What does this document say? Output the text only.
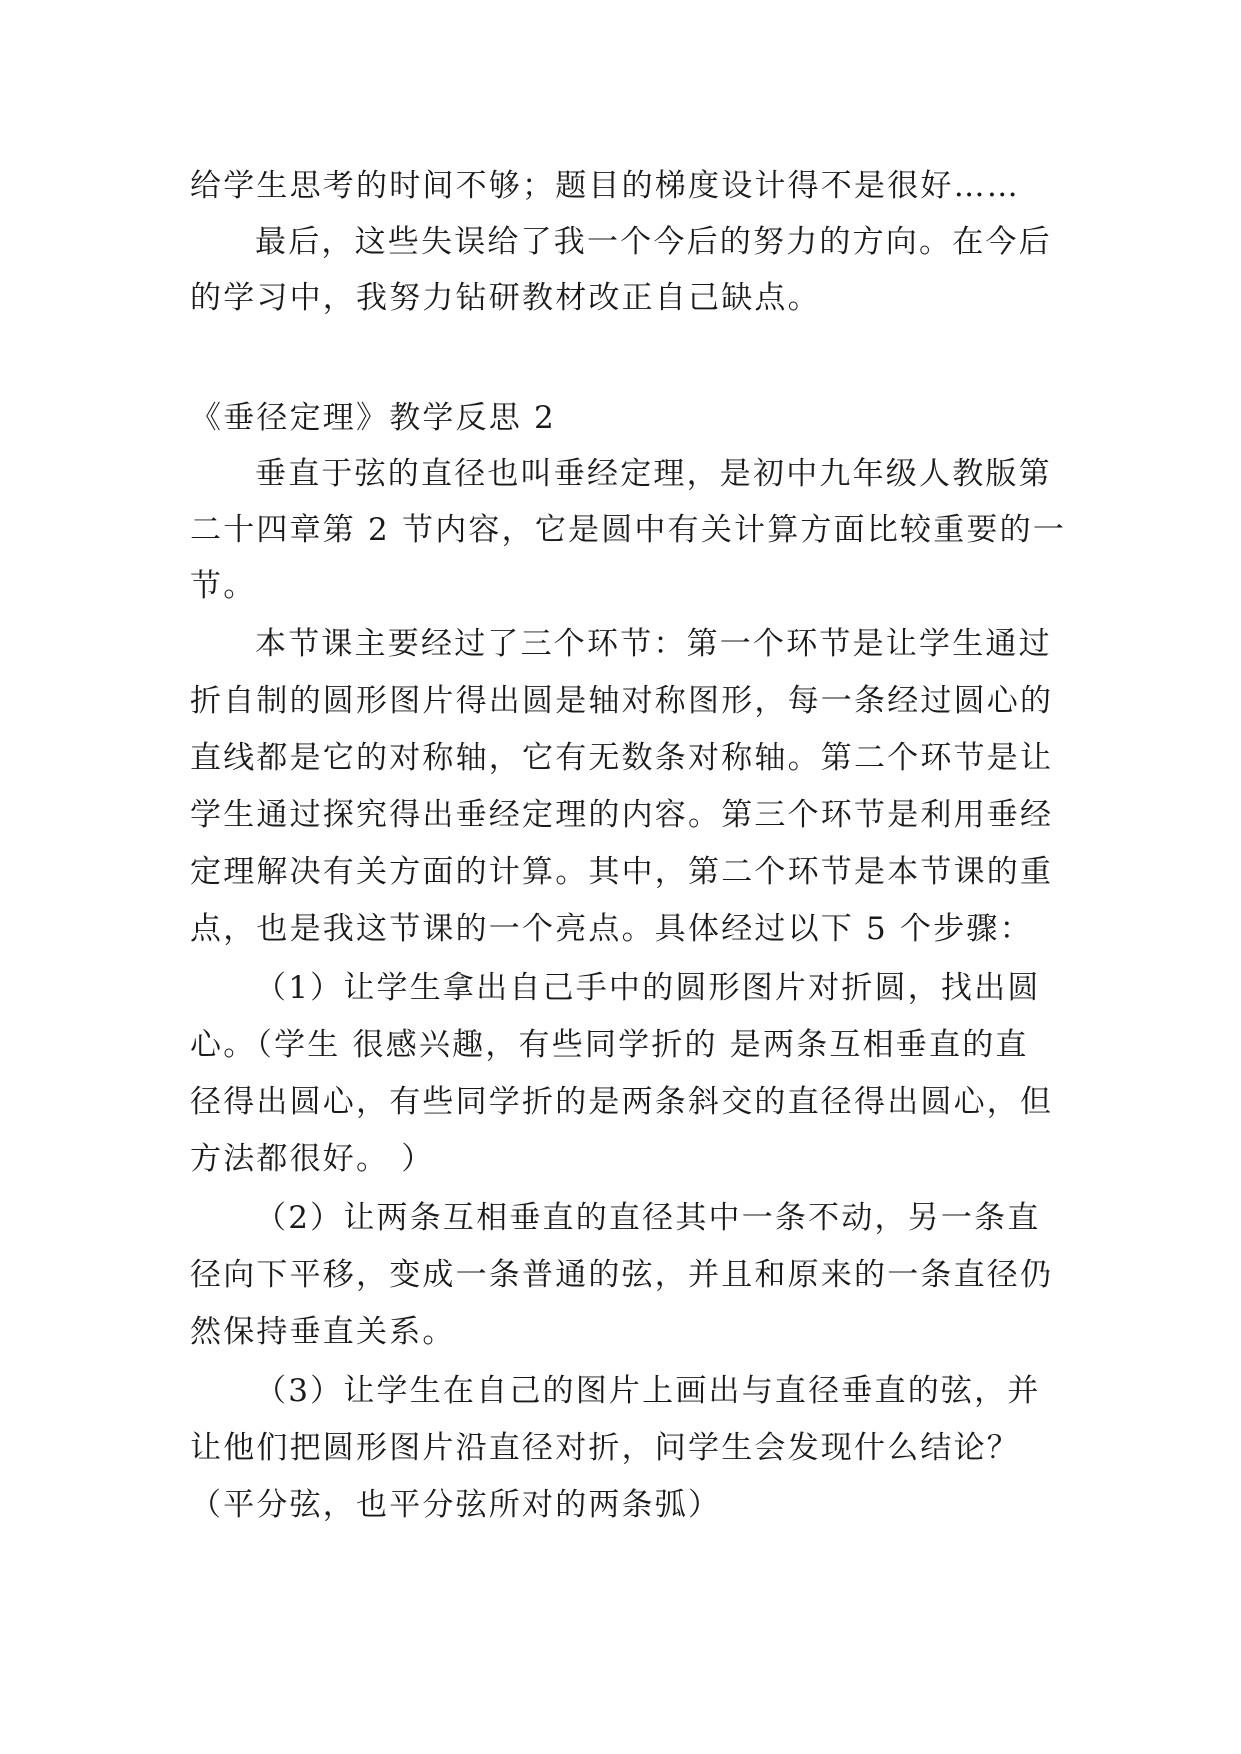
给学生思考的时间不够；题目的梯度设计得不是很好……
最后，这些失误给了我一个今后的努力的方向。在今后
的学习中，我努力钻研教材改正自己缺点。
《垂径定理》教学反思 2
垂直于弦的直径也叫垂经定理，是初中九年级人教版第
二十四章第 2 节内容，它是圆中有关计算方面比较重要的一
节。
本节课主要经过了三个环节：第一个环节是让学生通过
折自制的圆形图片得出圆是轴对称图形，每一条经过圆心的
直线都是它的对称轴，它有无数条对称轴。第二个环节是让
学生通过探究得出垂经定理的内容。第三个环节是利用垂经
定理解决有关方面的计算。其中，第二个环节是本节课的重
点，也是我这节课的一个亮点。具体经过以下 5 个步骤：
（1）让学生拿出自己手中的圆形图片对折圆，找出圆
心。（学生 很感兴趣，有些同学折的 是两条互相垂直的直
径得出圆心，有些同学折的是两条斜交的直径得出圆心，但
方法都很好。 ）
（2）让两条互相垂直的直径其中一条不动，另一条直
径向下平移，变成一条普通的弦，并且和原来的一条直径仍
然保持垂直关系。
（3）让学生在自己的图片上画出与直径垂直的弦，并
让他们把圆形图片沿直径对折，问学生会发现什么结论？
（平分弦，也平分弦所对的两条弧）
